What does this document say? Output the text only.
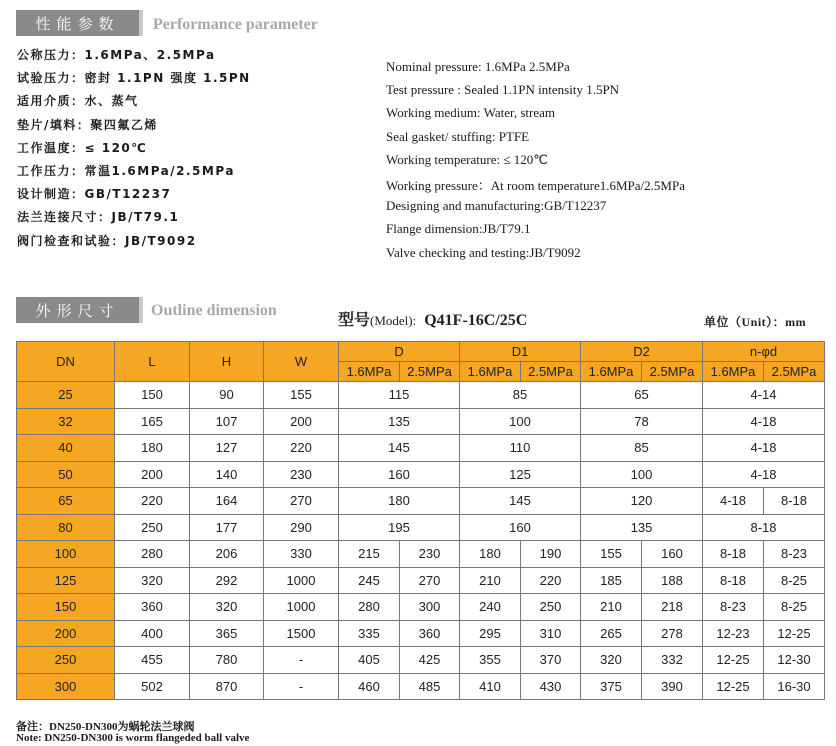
性能参数 Performance parameter
公称压力：1.6MPa、2.5MPa
试验压力：密封 1.1PN 强度 1.5PN
适用介质：水、蒸气
垫片/填料：聚四氟乙烯
工作温度：≤ 120℃
工作压力：常温1.6MPa/2.5MPa
设计制造：GB/T12237
法兰连接尺寸：JB/T79.1
阀门检查和试验：JB/T9092
Nominal pressure: 1.6MPa 2.5MPa
Test pressure : Sealed 1.1PN intensity 1.5PN
Working medium: Water, stream
Seal gasket/ stuffing: PTFE
Working temperature: ≤ 120℃
Working pressure：At room temperature1.6MPa/2.5MPa
Designing and manufacturing:GB/T12237
Flange dimension:JB/T79.1
Valve checking and testing:JB/T9092
外形尺寸 Outline dimension
型号(Model): Q41F-16C/25C	单位（Unit）：mm
DN	L	H	W	D		D1		D2		n-φd	
				1.6MPa	2.5MPa	1.6MPa	2.5MPa	1.6MPa	2.5MPa	1.6MPa	2.5MPa
25	150	90	155	115		85		65		4-14	
32	165	107	200	135		100		78		4-18	
40	180	127	220	145		110		85		4-18	
50	200	140	230	160		125		100		4-18	
65	220	164	270	180		145		120		4-18	8-18
80	250	177	290	195		160		135		8-18	
100	280	206	330	215	230	180	190	155	160	8-18	8-23
125	320	292	1000	245	270	210	220	185	188	8-18	8-25
150	360	320	1000	280	300	240	250	210	218	8-23	8-25
200	400	365	1500	335	360	295	310	265	278	12-23	12-25
250	455	780	-	405	425	355	370	320	332	12-25	12-30
300	502	870	-	460	485	410	430	375	390	12-25	16-30
备注：DN250-DN300为蜗轮法兰球阀
Note: DN250-DN300 is worm flangeded ball valve
